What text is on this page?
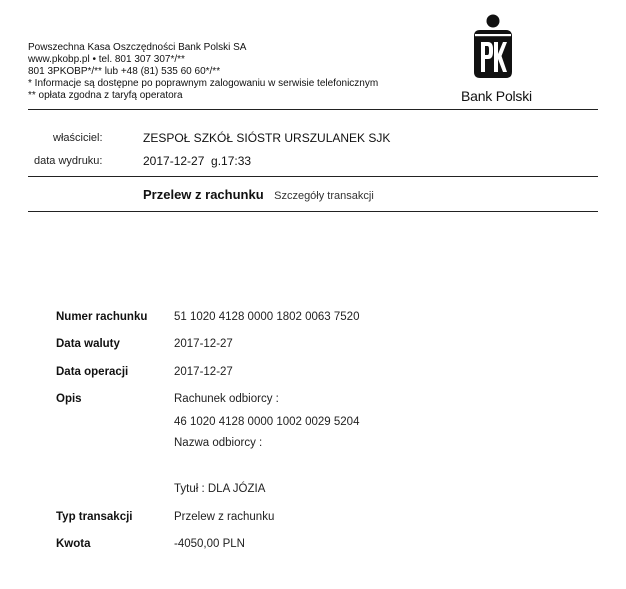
Powszechna Kasa Oszczędności Bank Polski SA
www.pkobp.pl • tel. 801 307 307*/**
801 3PKOBP*/** lub +48 (81) 535 60 60*/**
* Informacje są dostępne po poprawnym zalogowaniu w serwisie telefonicznym
** opłata zgodna z taryfą operatora	Bank Polski
właściciel:	ZESPOŁ SZKÓŁ SIÓSTR URSZULANEK SJK
data wydruku:	2017-12-27  g.17:33
Przelew z rachunku Szczegóły transakcji
Numer rachunku 51 1020 4128 0000 1802 0063 7520
Data waluty	2017-12-27
Data operacji	2017-12-27
Opis	Rachunek odbiorcy :
46 1020 4128 0000 1002 0029 5204
Nazwa odbiorcy :
Tytuł : DLA JÓZIA
Typ transakcji	Przelew z rachunku
Kwota	-4050,00 PLN
